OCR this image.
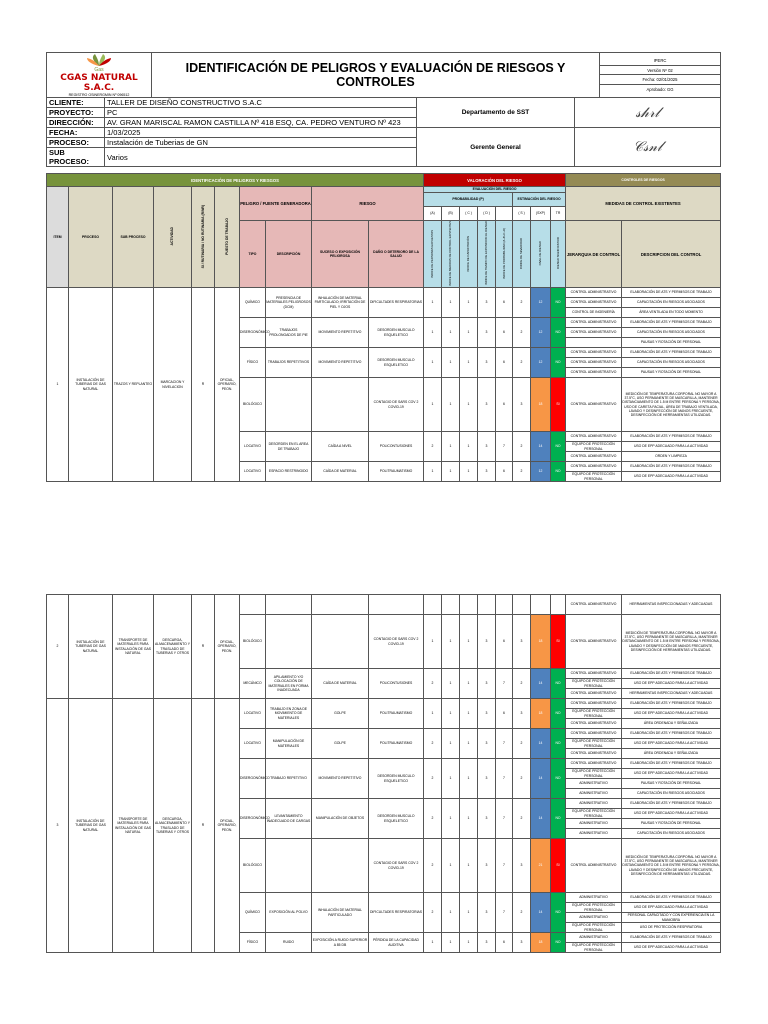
Gas
CGAS NATURAL S.A.C.
REGISTRO OSINERGMIN Nº 096512
	IDENTIFICACIÓN DE PELIGROS Y EVALUACIÓN DE RIESGOS Y CONTROLES	
IPERC
Versión Nº 02
Fecha: 02/01/2025
Aprobado: GG
CLIENTE:	TALLER DE DISEÑO CONSTRUCTIVO S.A.C	Departamento de SST	𝓈𝒽𝓇𝓁
PROYECTO:	PC		
DIRECCIÓN:	AV. GRAN MARISCAL RAMON CASTILLA Nº 418 ESQ, CA. PEDRO VENTURO Nº 423		
FECHA:	1/03/2025	Gerente General	𝒞𝓈𝓃𝓁
PROCESO:	Instalación de Tuberias de GN		
SUB PROCESO:	Varios		
IDENTIFICACIÓN DE PELIGROS Y RIESGOS										VALORACIÓN DEL RIESGO								CONTROLES DE RIESGOS	
ITEM	PROCESO	SUB PROCESO	ACTIVIDAD	SI / RUTINARIA / NO RUTINARIA (R/NR)	PUESTO DE TRABAJO	PELIGRO / FUENTE GENERADORA		RIESGO		EVALUACIÓN DEL RIESGO								MEDIDAS DE CONTROL EXISTENTES	
										PROBABILIDAD (P)					ESTIMACIÓN DEL RIESGO				
										(A)	(B)	( C )	( D )		( S )	(SXP)	TR		
						TIPO	DESCRIPCIÓN	SUCESO O EXPOSICIÓN PELIGROSA	DAÑO O DETERIORO DE LA SALUD	INDICE DE PERSONAS EXPUESTAS	INDICE DE MEDIDAS DE CONTROL EXISTENTES	INDICE DE CAPACITACIÓN	INDICE DE TIEMPO DE EXPOSICION AL RIESGO	INDICE DE PROBABILIDAD (A+B+C+D)	INDICE DE SEVERIDAD	NIVEL DE RIESGO	RIESGO SIGNIFICATIVO	JERARQUIA DE CONTROL	DESCRIPCION DEL CONTROL
1	INSTALACIÓN DE TUBERIAS DE GAS NATURAL	TRAZOS Y REPLANTEO	MARCACION Y NIVELACION	R	OFICIAL, OPERARIO, PEON.	QUÍMICO	PRESENCIA DE MATERIALES PELIGROSOS (DCM)	INHALACIÓN DE MATERIAL PARTICULADO; IRRITACIÓN DE PIEL Y OJOS	DIFICULTADES RESPIRATORIAS	1	1	1	3	6	2	12	NO	CONTROL ADMINISTRATIVO	ELABORACIÓN DE ATS Y PERMISOS DE TRABAJO
																		CONTROL ADMINISTRATIVO	CAPACITACIÓN EN RIESGOS ASOCIADOS
																		CONTROL DE INGENIERÍA	ÁREA VENTILADA EN TODO MOMENTO
						DISERGONÓMICO	TRABAJOS PROLONGADOS DE PIE	MOVIMIENTO REPETITIVO	DESORDEN MUSCULO ESQUELETICO	1	1	1	3	6	2	12	NO	CONTROL ADMINISTRATIVO	ELABORACIÓN DE ATS Y PERMISOS DE TRABAJO
																		CONTROL ADMINISTRATIVO	CAPACITACIÓN EN RIESGOS ASOCIADOS
																			PAUSAS Y ROTACIÓN DE PERSONAL
						FÍSICO	TRABAJOS REPETITIVOS	MOVIMIENTO REPETITIVO	DESORDEN MUSCULO ESQUELETICO	1	1	1	3	6	2	12	NO	CONTROL ADMINISTRATIVO	ELABORACIÓN DE ATS Y PERMISOS DE TRABAJO
																		CONTROL ADMINISTRATIVO	CAPACITACIÓN EN RIESGOS ASOCIADOS
																		CONTROL ADMINISTRATIVO	PAUSAS Y ROTACIÓN DE PERSONAL
						BIOLÓGICO			CONTAGIO DE SARS COV 2 COVID-19	1	1	1	3	6	3	18	SI	CONTROL ADMINISTRATIVO	MEDICIÓN DE TEMPERATURA CORPORAL NO MAYOR A 37.5°C, USO PERMANENTE DE MASCARILLA, MANTENER DISTANCIAMIENTO DE 1.5 M ENTRE PERSONA Y PERSONA, USO DE CARETA FACIAL, ÁREA DE TRABAJO VENTILADA, LAVADO Y DESINFECCIÓN DE MANOS FRECUENTE, DESINFECCIÓN DE HERRAMIENTAS UTILIZADAS.
						LOCATIVO	DESORDEN EN EL AREA DE TRABAJO	CAÍDA A NIVEL	POLICONTUSIONES	2	1	1	3	7	2	14	NO	CONTROL ADMINISTRATIVO	ELABORACIÓN DE ATS Y PERMISOS DE TRABAJO
																		EQUIPO DE PROTECCIÓN PERSONAL	USO DE EPP ADECUADO PARA LA ACTIVIDAD
																		CONTROL ADMINISTRATIVO	ORDEN Y LIMPIEZA
						LOCATIVO	ESPACIO RESTRINGIDO	CAÍDA DE MATERIAL	POLITRAUMATISMO	1	1	1	3	6	2	12	NO	CONTROL ADMINISTRATIVO	ELABORACIÓN DE ATS Y PERMISOS DE TRABAJO
																		EQUIPO DE PROTECCIÓN PERSONAL	USO DE EPP ADECUADO PARA LA ACTIVIDAD
2	INSTALACIÓN DE TUBERIAS DE GAS NATURAL	TRANSPORTE DE MATERIALES PARA INSTALACIÓN DE GAS NATURAL	DESCARGA, ALMACENAMIENTO Y TRASLADO DE TUBERIAS Y OTROS	R	OFICIAL, OPERARIO, PEON.													CONTROL ADMINISTRATIVO	HERRAMIENTAS INSPECCIONADAS Y ADECUADAS
						BIOLÓGICO			CONTAGIO DE SARS COV 2 COVID-19	1	1	1	3	6	3	18	SI	CONTROL ADMINISTRATIVO	MEDICIÓN DE TEMPERATURA CORPORAL NO MAYOR A 37.5°C, USO PERMANENTE DE MASCARILLA, MANTENER DISTANCIAMIENTO DE 1.5 M ENTRE PERSONA Y PERSONA, LAVADO Y DESINFECCIÓN DE MANOS FRECUENTE, DESINFECCIÓN DE HERRAMIENTAS UTILIZADAS.
						MECÁNICO	APILAMIENTO Y/O COLOCACIÓN DE MATERIALES EN FORMA INADECUADA	CAÍDA DE MATERIAL	POLICONTUSIONES	2	1	1	3	7	2	14	NO	CONTROL ADMINISTRATIVO	ELABORACIÓN DE ATS Y PERMISOS DE TRABAJO
																		EQUIPO DE PROTECCIÓN PERSONAL	USO DE EPP ADECUADO PARA LA ACTIVIDAD
																		CONTROL ADMINISTRATIVO	HERRAMIENTAS INSPECCIONADAS Y ADECUADAS
3	INSTALACIÓN DE TUBERIAS DE GAS NATURAL	TRANSPORTE DE MATERIALES PARA INSTALACIÓN DE GAS NATURAL	DESCARGA, ALMACENAMIENTO Y TRASLADO DE TUBERIAS Y OTROS	R	OFICIAL, OPERARIO, PEON.	LOCATIVO	TRABAJO EN ZONA DE MOVIMIENTO DE MATERIALES	GOLPE	POLITRAUMATISMO	1	1	1	3	6	3	18	NO	CONTROL ADMINISTRATIVO	ELABORACIÓN DE ATS Y PERMISOS DE TRABAJO
																		EQUIPO DE PROTECCIÓN PERSONAL	USO DE EPP ADECUADO PARA LA ACTIVIDAD
																		CONTROL ADMINISTRATIVO	ÁREA ORDENADA Y SEÑALIZADA
						LOCATIVO	MANIPULACIÓN DE MATERIALES	GOLPE	POLITRAUMATISMO	2	1	1	3	7	2	14	NO	CONTROL ADMINISTRATIVO	ELABORACIÓN DE ATS Y PERMISOS DE TRABAJO
																		EQUIPO DE PROTECCIÓN PERSONAL	USO DE EPP ADECUADO PARA LA ACTIVIDAD
																		CONTROL ADMINISTRATIVO	ÁREA ORDENADA Y SEÑALIZADA
						DISERGONÓMICO	TRABAJO REPETITIVO	MOVIMIENTO REPETITIVO	DESORDEN MUSCULO ESQUELETICO	2	1	1	3	7	2	14	NO	CONTROL ADMINISTRATIVO	ELABORACIÓN DE ATS Y PERMISOS DE TRABAJO
																		EQUIPO DE PROTECCIÓN PERSONAL	USO DE EPP ADECUADO PARA LA ACTIVIDAD
																		ADMINISTRATIVO	PAUSAS Y ROTACIÓN DE PERSONAL
																		ADMINISTRATIVO	CAPACITACIÓN EN RIESGOS ASOCIADOS
						DISERGONÓMICO	LEVANTAMIENTO INADECUADO DE CARGAS	MANIPULACIÓN DE OBJETOS	DESORDEN MUSCULO ESQUELETICO	2	1	1	3	7	2	14	NO	ADMINISTRATIVO	ELABORACIÓN DE ATS Y PERMISOS DE TRABAJO
																		EQUIPO DE PROTECCIÓN PERSONAL	USO DE EPP ADECUADO PARA LA ACTIVIDAD
																		ADMINISTRATIVO	PAUSAS Y ROTACIÓN DE PERSONAL
																		ADMINISTRATIVO	CAPACITACIÓN EN RIESGOS ASOCIADOS
						BIOLÓGICO			CONTAGIO DE SARS COV 2 COVID-19	2	1	1	3	7	3	21	SI	CONTROL ADMINISTRATIVO	MEDICIÓN DE TEMPERATURA CORPORAL NO MAYOR A 37.5°C, USO PERMANENTE DE MASCARILLA, MANTENER DISTANCIAMIENTO DE 1.5 M ENTRE PERSONA Y PERSONA, LAVADO Y DESINFECCIÓN DE MANOS FRECUENTE, DESINFECCIÓN DE HERRAMIENTAS UTILIZADAS.
						QUÍMICO	EXPOSICIÓN AL POLVO	INHALACIÓN DE MATERIAL PARTICULADO	DIFICULTADES RESPIRATORIAS	2	1	1	3	7	2	14	NO	ADMINISTRATIVO	ELABORACIÓN DE ATS Y PERMISOS DE TRABAJO
																		EQUIPO DE PROTECCIÓN PERSONAL	USO DE EPP ADECUADO PARA LA ACTIVIDAD
																		ADMINISTRATIVO	PERSONAL CAPACITADO Y CON EXPERIENCIA EN LA MANIOBRA
																		EQUIPO DE PROTECCIÓN PERSONAL	USO DE PROTECCIÓN RESPIRATORIA
						FÍSICO	RUIDO	EXPOSICIÓN A RUIDO SUPERIOR A 85 DB	PÉRDIDA DE LA CAPACIDAD AUDITIVA	1	1	1	3	6	3	18	NO	ADMINISTRATIVO	ELABORACIÓN DE ATS Y PERMISOS DE TRABAJO
																		EQUIPO DE PROTECCIÓN PERSONAL	USO DE EPP ADECUADO PARA LA ACTIVIDAD
